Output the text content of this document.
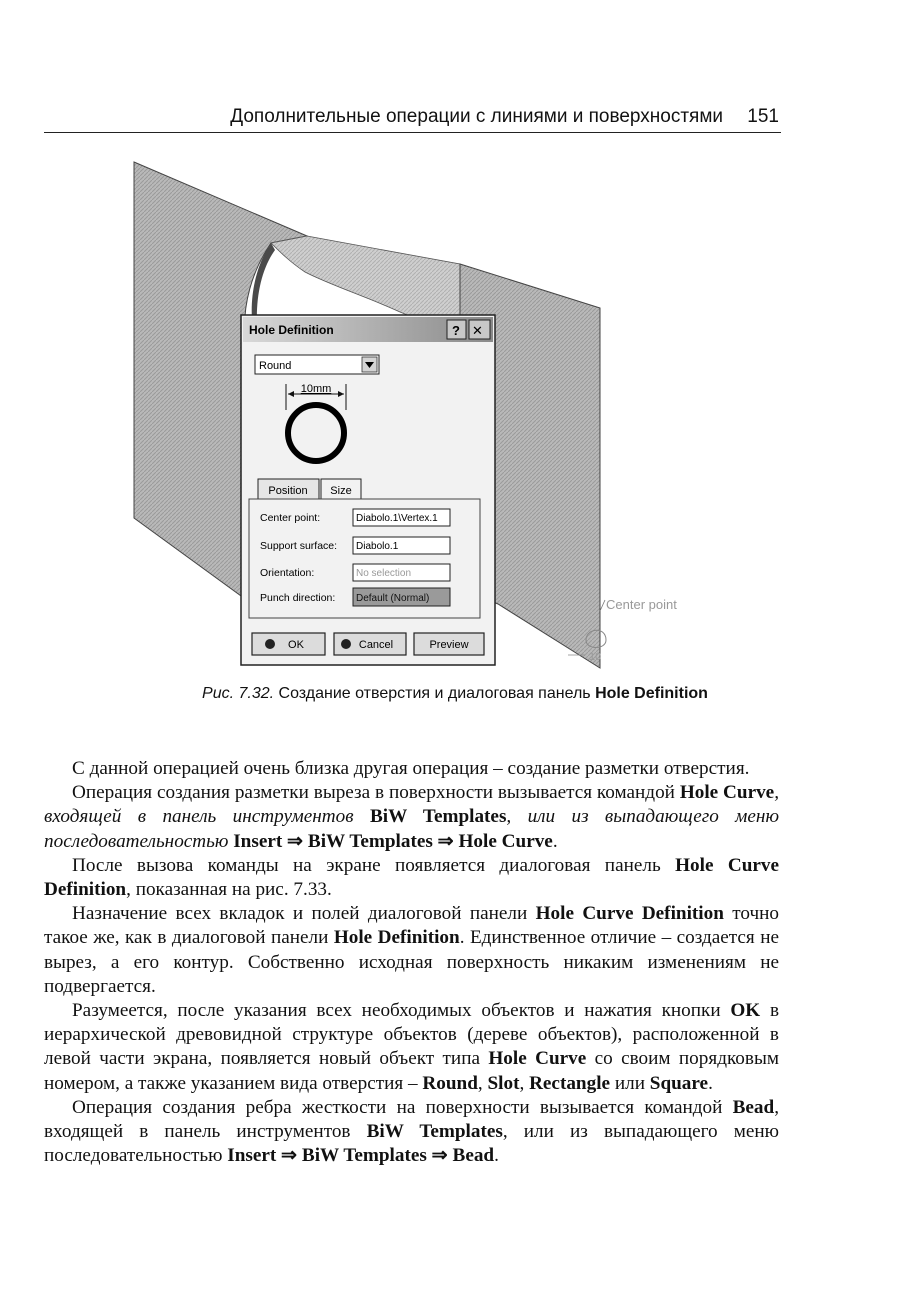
Дополнительные операции с линиями и поверхностями 151
Hole Definition	? ✕
Round
10mm
Position Size
Center point:	Diabolo.1\Vertex.1
Support surface: Diabolo.1
Orientation:	No selection
Punch direction: Default (Normal)
OK	Cancel	Preview
Center point
10
Рис. 7.32. Создание отверстия и диалоговая панель Hole Definition

С данной операцией очень близка другая операция – создание разметки отверстия.

Операция создания разметки выреза в поверхности вызывается командой Hole Curve, входящей в панель инструментов BiW Templates, или из выпадающего меню последовательностью Insert ⇒ BiW Templates ⇒ Hole Curve.

После вызова команды на экране появляется диалоговая панель Hole Curve Definition, показанная на рис. 7.33.

Назначение всех вкладок и полей диалоговой панели Hole Curve Definition точно такое же, как в диалоговой панели Hole Definition. Единственное отличие – создается не вырез, а его контур. Собственно исходная поверхность никаким изменениям не подвергается.

Разумеется, после указания всех необходимых объектов и нажатия кнопки OK в иерархической древовидной структуре объектов (дереве объектов), расположенной в левой части экрана, появляется новый объект типа Hole Curve со своим порядковым номером, а также указанием вида отверстия – Round, Slot, Rectangle или Square.

Операция создания ребра жесткости на поверхности вызывается командой Bead, входящей в панель инструментов BiW Templates, или из выпадающего меню последовательностью Insert ⇒ BiW Templates ⇒ Bead.
